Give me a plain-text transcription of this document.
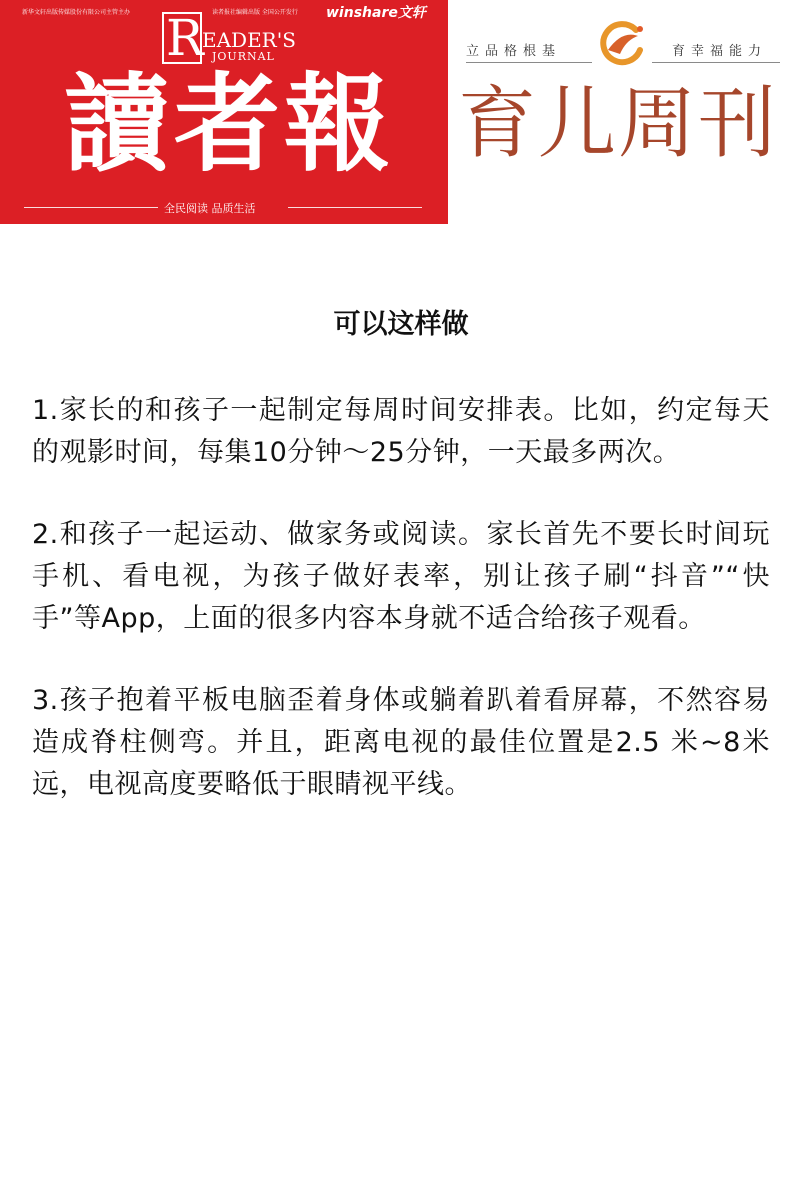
新华文轩出版传媒股份有限公司主管主办	读者报社编辑出版 全国公开发行 winshare文轩
R
EADER'S
JOURNAL
讀者報
全民阅读 品质生活
立品格根基	育幸福能力
育儿周刊
可以这样做

1.家长的和孩子一起制定每周时间安排表。比如，约定每天的观影时间，每集10分钟～25分钟，一天最多两次。

2.和孩子一起运动、做家务或阅读。家长首先不要长时间玩手机、看电视，为孩子做好表率，别让孩子刷“抖音”“快手”等App，上面的很多内容本身就不适合给孩子观看。

3.孩子抱着平板电脑歪着身体或躺着趴着看屏幕，不然容易造成脊柱侧弯。并且，距离电视的最佳位置是2.5 米~8米远，电视高度要略低于眼睛视平线。
